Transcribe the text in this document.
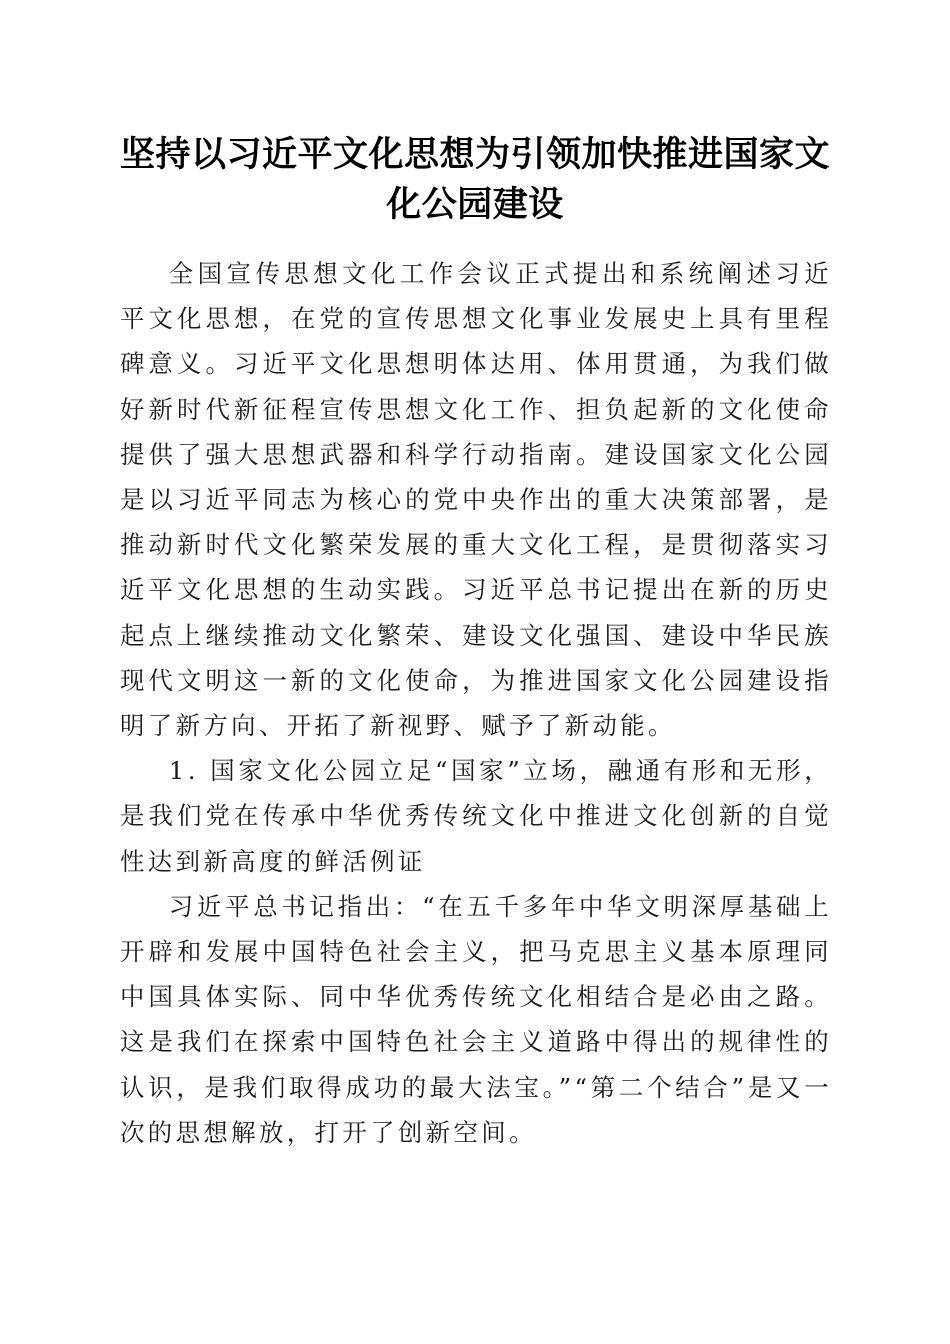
坚持以习近平文化思想为引领加快推进国家文化公园建设

全国宣传思想文化工作会议正式提出和系统阐述习近平文化思想，在党的宣传思想文化事业发展史上具有里程碑意义。习近平文化思想明体达用、体用贯通，为我们做好新时代新征程宣传思想文化工作、担负起新的文化使命提供了强大思想武器和科学行动指南。建设国家文化公园是以习近平同志为核心的党中央作出的重大决策部署，是推动新时代文化繁荣发展的重大文化工程，是贯彻落实习近平文化思想的生动实践。习近平总书记提出在新的历史起点上继续推动文化繁荣、建设文化强国、建设中华民族现代文明这一新的文化使命，为推进国家文化公园建设指明了新方向、开拓了新视野、赋予了新动能。

1. 国家文化公园立足“国家”立场，融通有形和无形，是我们党在传承中华优秀传统文化中推进文化创新的自觉性达到新高度的鲜活例证

习近平总书记指出：“在五千多年中华文明深厚基础上开辟和发展中国特色社会主义，把马克思主义基本原理同中国具体实际、同中华优秀传统文化相结合是必由之路。这是我们在探索中国特色社会主义道路中得出的规律性的认识，是我们取得成功的最大法宝。”“第二个结合”是又一次的思想解放，打开了创新空间。
